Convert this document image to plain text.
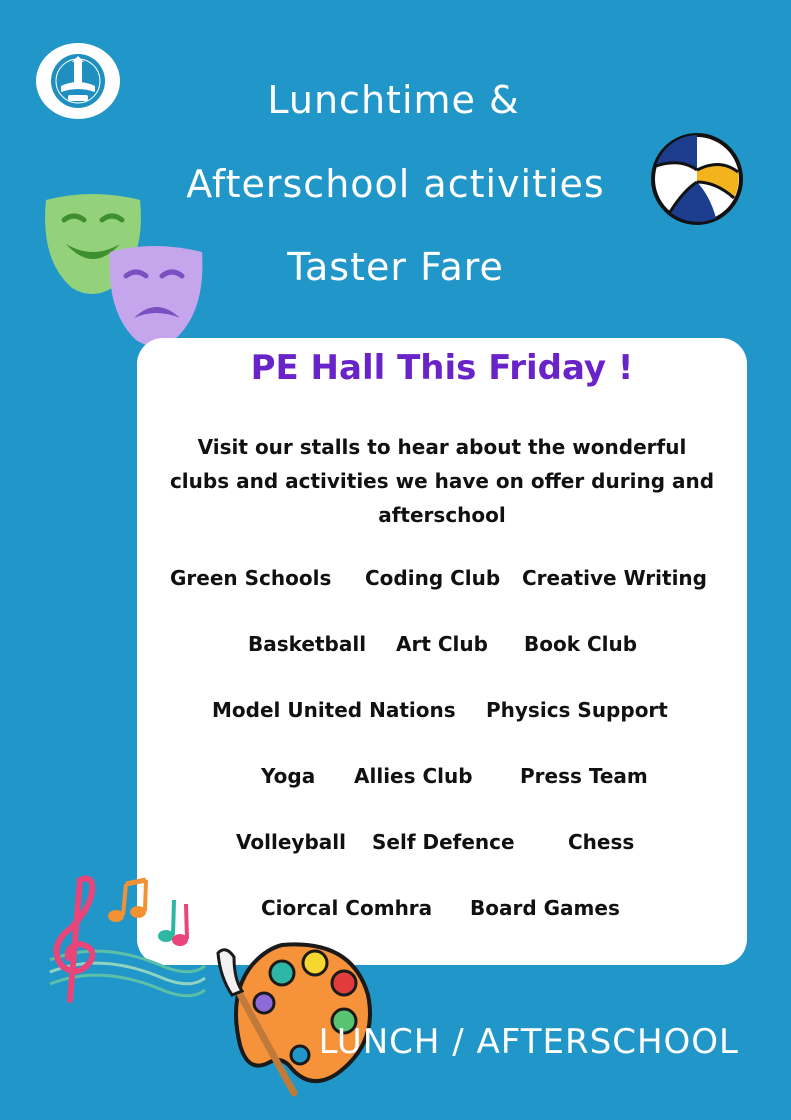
Lunchtime &
Afterschool activities
Taster Fare
PE Hall This Friday !
Visit our stalls to hear about the wonderful clubs and activities we have on offer during and afterschool
Green Schools Coding Club Creative Writing
Basketball Art Club Book Club
Model United Nations Physics Support
Yoga Allies Club Press Team
Volleyball Self Defence	Chess
Ciorcal Comhra Board Games
LUNCH / AFTERSCHOOL
